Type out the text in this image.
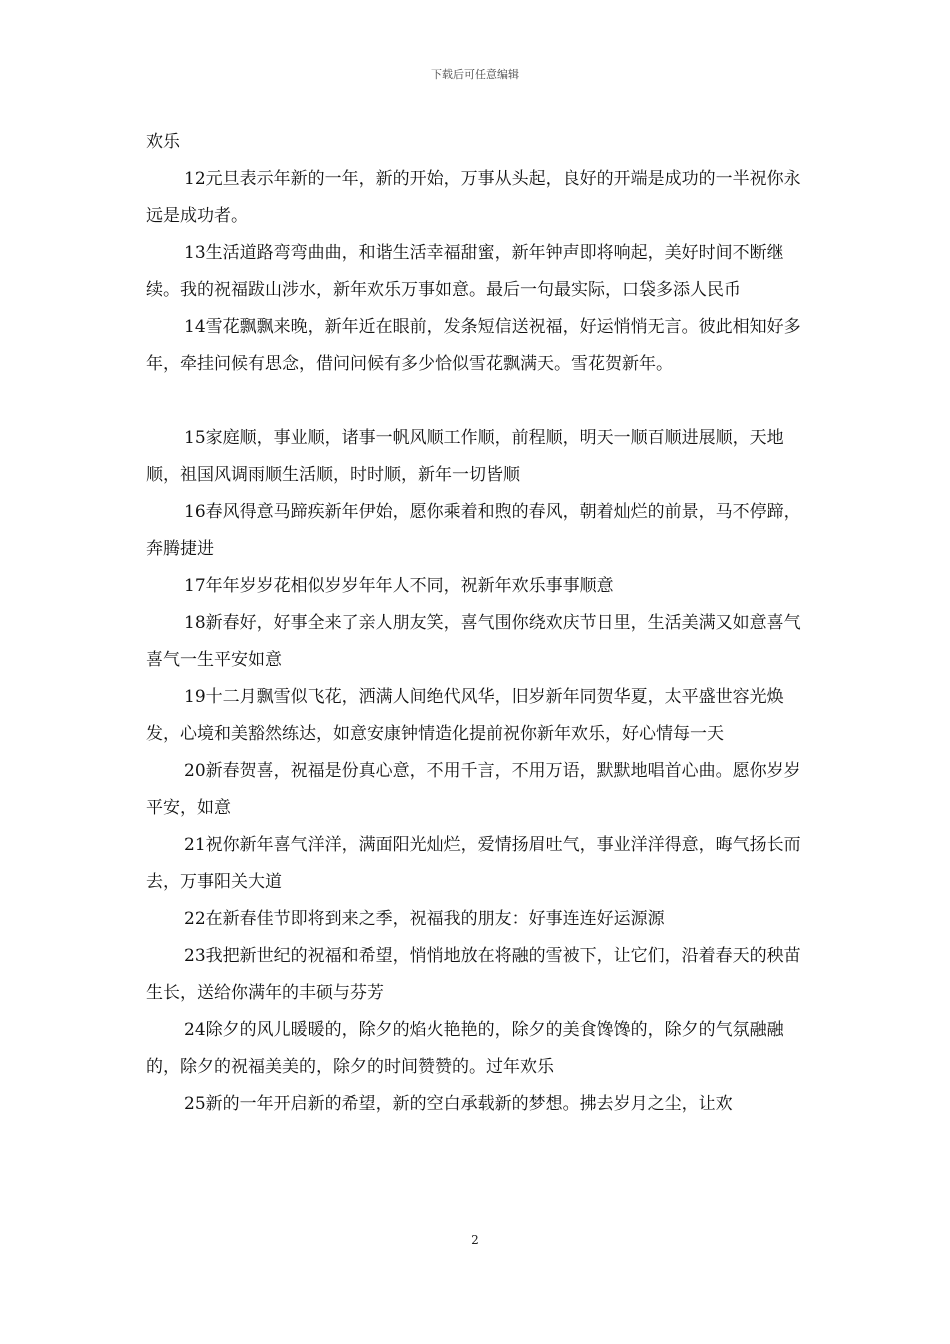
下载后可任意编辑

欢乐

12元旦表示年新的一年，新的开始，万事从头起，良好的开端是成功的一半祝你永远是成功者。

13生活道路弯弯曲曲，和谐生活幸福甜蜜，新年钟声即将响起，美好时间不断继续。我的祝福跋山涉水，新年欢乐万事如意。最后一句最实际，口袋多添人民币

14雪花飘飘来晚，新年近在眼前，发条短信送祝福，好运悄悄无言。彼此相知好多年，牵挂问候有思念，借问问候有多少恰似雪花飘满天。雪花贺新年。

15家庭顺，事业顺，诸事一帆风顺工作顺，前程顺，明天一顺百顺进展顺，天地顺，祖国风调雨顺生活顺，时时顺，新年一切皆顺

16春风得意马蹄疾新年伊始，愿你乘着和煦的春风，朝着灿烂的前景，马不停蹄，奔腾捷进

17年年岁岁花相似岁岁年年人不同，祝新年欢乐事事顺意

18新春好，好事全来了亲人朋友笑，喜气围你绕欢庆节日里，生活美满又如意喜气喜气一生平安如意

19十二月飘雪似飞花，洒满人间绝代风华，旧岁新年同贺华夏，太平盛世容光焕发，心境和美豁然练达，如意安康钟情造化提前祝你新年欢乐，好心情每一天

20新春贺喜，祝福是份真心意，不用千言，不用万语，默默地唱首心曲。愿你岁岁平安，如意

21祝你新年喜气洋洋，满面阳光灿烂，爱情扬眉吐气，事业洋洋得意，晦气扬长而去，万事阳关大道

22在新春佳节即将到来之季，祝福我的朋友：好事连连好运源源

23我把新世纪的祝福和希望，悄悄地放在将融的雪被下，让它们，沿着春天的秧苗生长，送给你满年的丰硕与芬芳

24除夕的风儿暖暖的，除夕的焰火艳艳的，除夕的美食馋馋的，除夕的气氛融融的，除夕的祝福美美的，除夕的时间赞赞的。过年欢乐

25新的一年开启新的希望，新的空白承载新的梦想。拂去岁月之尘，让欢

2
